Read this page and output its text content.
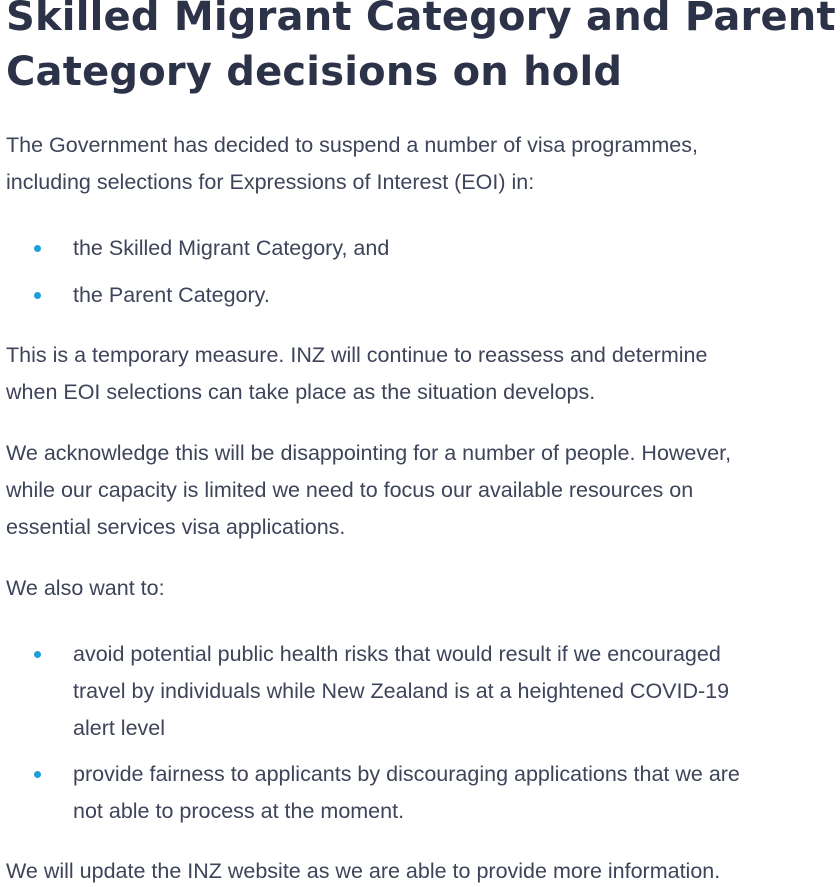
Skilled Migrant Category and Parent
Category decisions on hold

The Government has decided to suspend a number of visa programmes,
including selections for Expressions of Interest (EOI) in:

the Skilled Migrant Category, and
the Parent Category.

This is a temporary measure. INZ will continue to reassess and determine
when EOI selections can take place as the situation develops.

We acknowledge this will be disappointing for a number of people. However,
while our capacity is limited we need to focus our available resources on
essential services visa applications.

We also want to:

avoid potential public health risks that would result if we encouraged
travel by individuals while New Zealand is at a heightened COVID-19
alert level
provide fairness to applicants by discouraging applications that we are
not able to process at the moment.

We will update the INZ website as we are able to provide more information.
